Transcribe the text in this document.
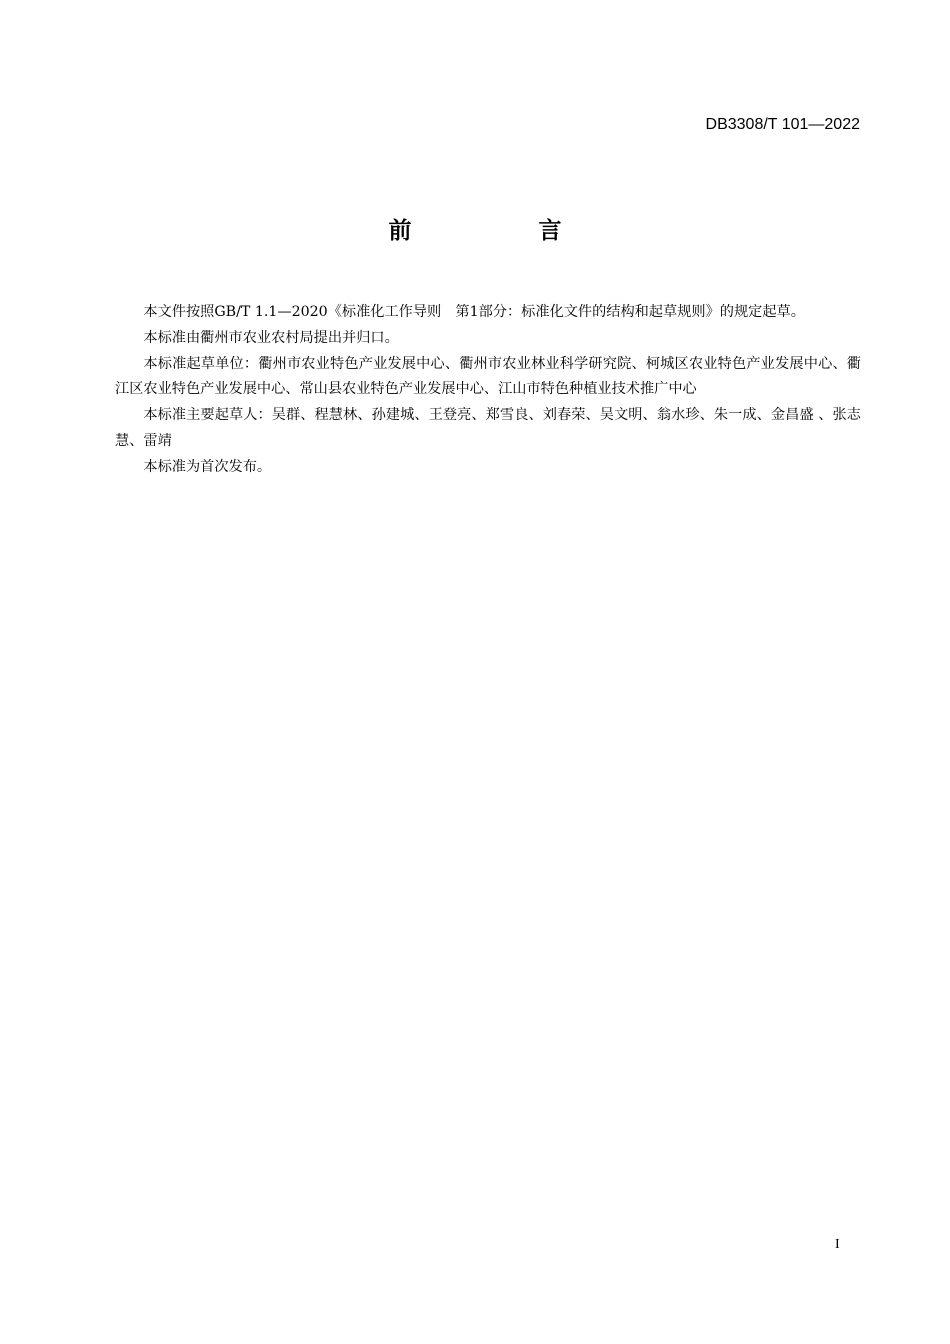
DB3308/T 101—2022
前　言

本文件按照GB/T 1.1—2020《标准化工作导则　第1部分：标准化文件的结构和起草规则》的规定起草。

本标准由衢州市农业农村局提出并归口。

本标准起草单位：衢州市农业特色产业发展中心、衢州市农业林业科学研究院、柯城区农业特色产业发展中心、衢江区农业特色产业发展中心、常山县农业特色产业发展中心、江山市特色种植业技术推广中心

本标准主要起草人：吴群、程慧林、孙建城、王登亮、郑雪良、刘春荣、吴文明、翁水珍、朱一成、金昌盛 、张志慧、雷靖

本标准为首次发布。

I
